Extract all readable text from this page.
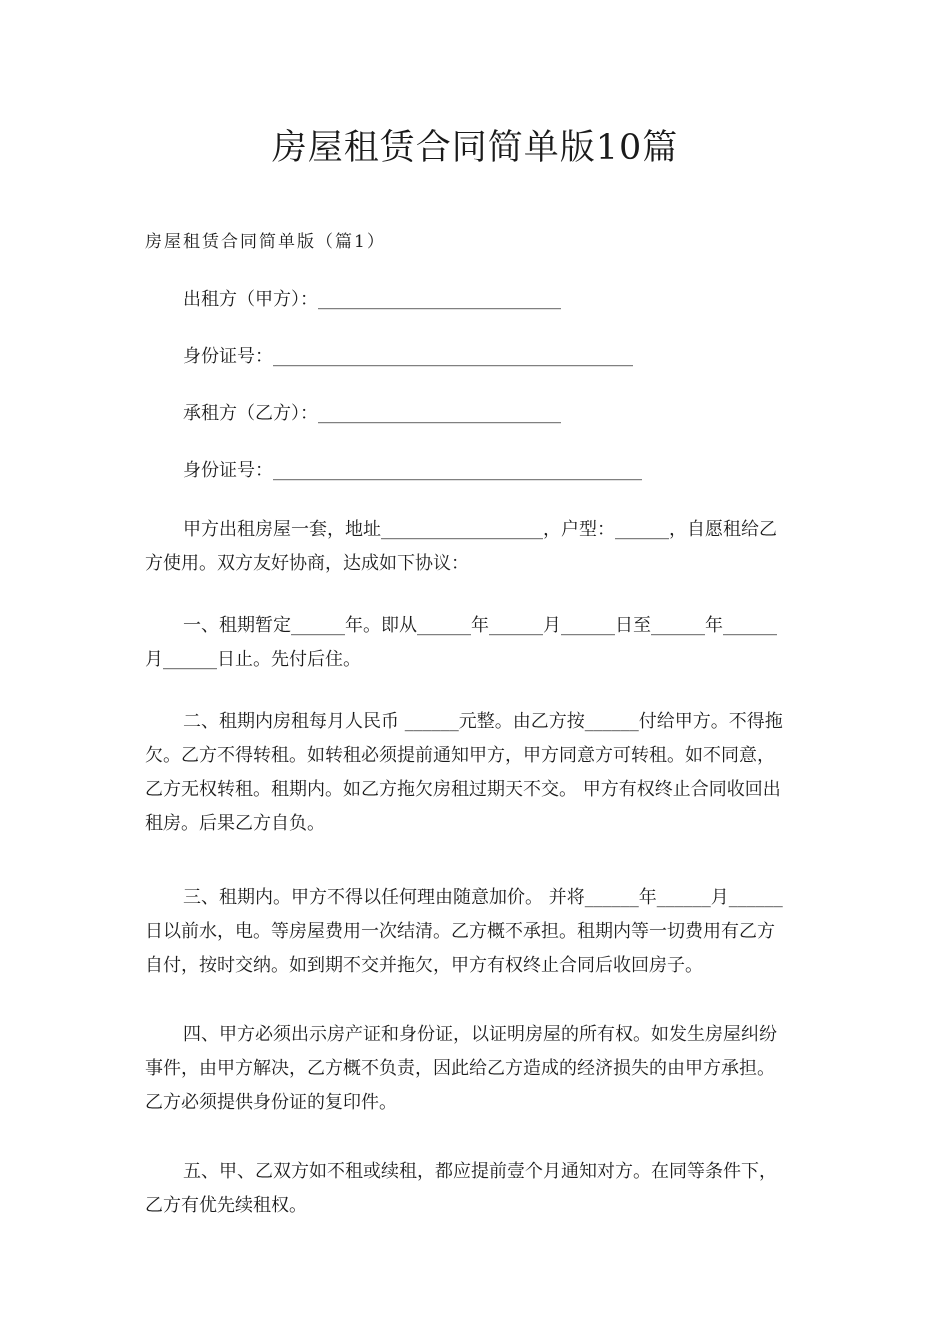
房屋租赁合同简单版10篇
房屋租赁合同简单版（篇1）
出租方（甲方）：___________________________
身份证号：________________________________________
承租方（乙方）：___________________________
身份证号：_________________________________________
甲方出租房屋一套，地址__________________，户型：______，自愿租给乙
方使用。双方友好协商，达成如下协议：
一、租期暂定______年。即从______年______月______日至______年______
月______日止。先付后住。
二、租期内房租每月人民币 ______元整。由乙方按______付给甲方。不得拖
欠。乙方不得转租。如转租必须提前通知甲方，甲方同意方可转租。如不同意，
乙方无权转租。租期内。如乙方拖欠房租过期天不交。 甲方有权终止合同收回出
租房。后果乙方自负。
三、租期内。甲方不得以任何理由随意加价。 并将______年______月______
日以前水，电。等房屋费用一次结清。乙方概不承担。租期内等一切费用有乙方
自付，按时交纳。如到期不交并拖欠，甲方有权终止合同后收回房子。
四、甲方必须出示房产证和身份证，以证明房屋的所有权。如发生房屋纠纷
事件，由甲方解决，乙方概不负责，因此给乙方造成的经济损失的由甲方承担。
乙方必须提供身份证的复印件。
五、甲、乙双方如不租或续租，都应提前壹个月通知对方。在同等条件下，
乙方有优先续租权。
